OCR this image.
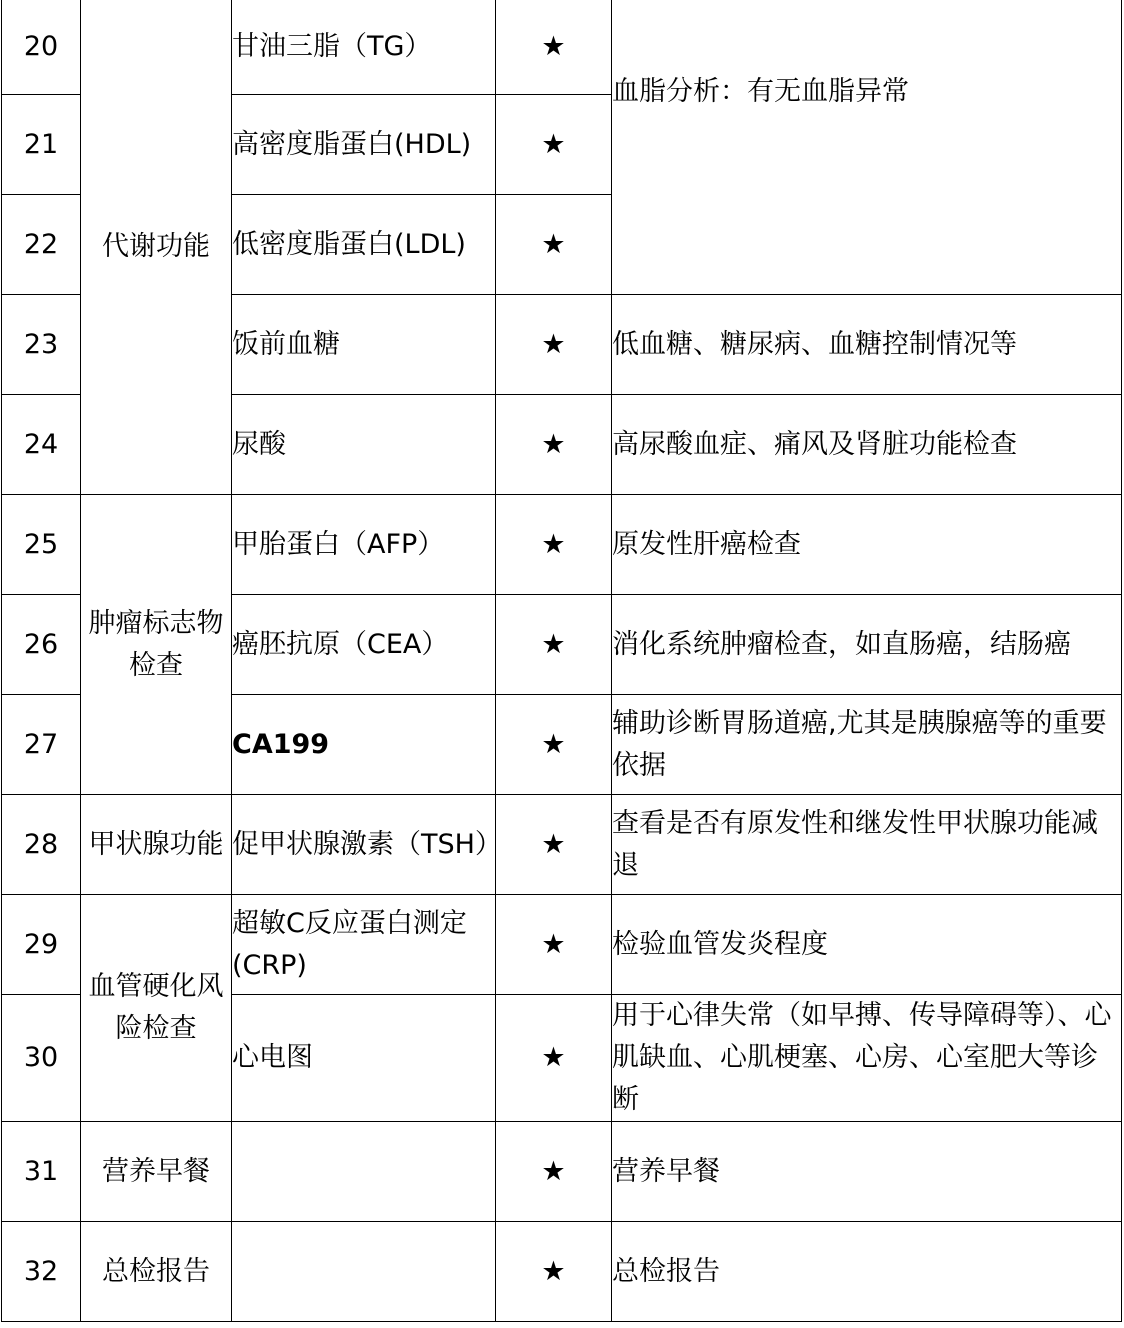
20	代谢功能	甘油三脂（TG）	★	血脂分析：有无血脂异常
21		高密度脂蛋白(HDL)	★	
22		低密度脂蛋白(LDL)	★	
23		饭前血糖	★	低血糖、糖尿病、血糖控制情况等
24		尿酸	★	高尿酸血症、痛风及肾脏功能检查
25	肿瘤标志物检查	甲胎蛋白（AFP）	★	原发性肝癌检查
26		癌胚抗原（CEA）	★	消化系统肿瘤检查，如直肠癌，结肠癌
27		CA199	★	辅助诊断胃肠道癌,尤其是胰腺癌等的重要依据
28	甲状腺功能	促甲状腺激素（TSH）	★	查看是否有原发性和继发性甲状腺功能减退
29	血管硬化风险检查	超敏C反应蛋白测定(CRP)	★	检验血管发炎程度
30		心电图	★	用于心律失常（如早搏、传导障碍等）、心肌缺血、心肌梗塞、心房、心室肥大等诊断
31	营养早餐		★	营养早餐
32	总检报告		★	总检报告
